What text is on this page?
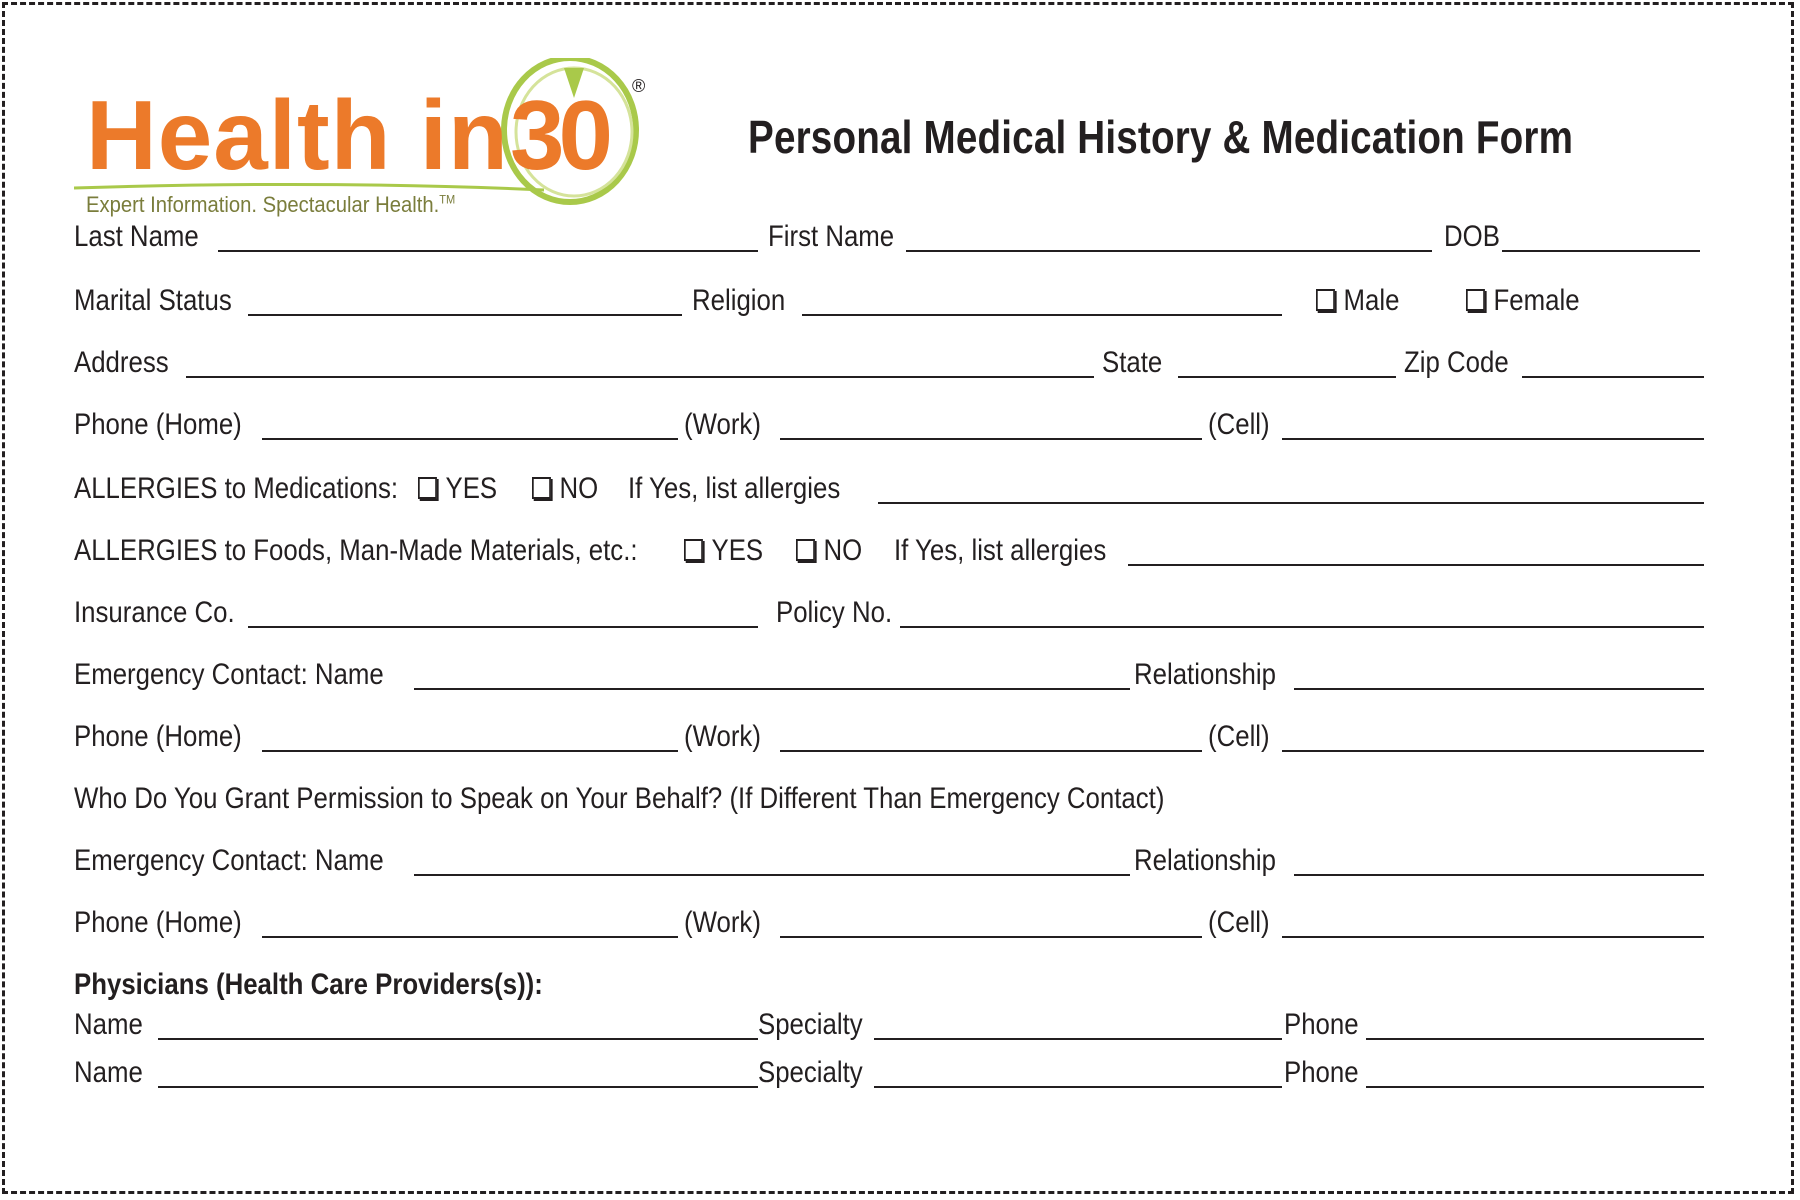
Health in 30 ®
Expert Information. Spectacular Health.™
Personal Medical History & Medication Form
Last Name	First Name	DOB
Marital Status	Religion	Male	Female
Address	State	Zip Code
Phone (Home)	(Work)	(Cell)
ALLERGIES to Medications:	YES	NO If Yes, list allergies
ALLERGIES to Foods, Man-Made Materials, etc.:	YES	NO If Yes, list allergies
Insurance Co.	Policy No.
Emergency Contact: Name	Relationship
Phone (Home)	(Work)	(Cell)
Who Do You Grant Permission to Speak on Your Behalf? (If Different Than Emergency Contact)
Emergency Contact: Name	Relationship
Phone (Home)	(Work)	(Cell)
Physicians (Health Care Providers(s)):
Name	Specialty	Phone
Name	Specialty	Phone
